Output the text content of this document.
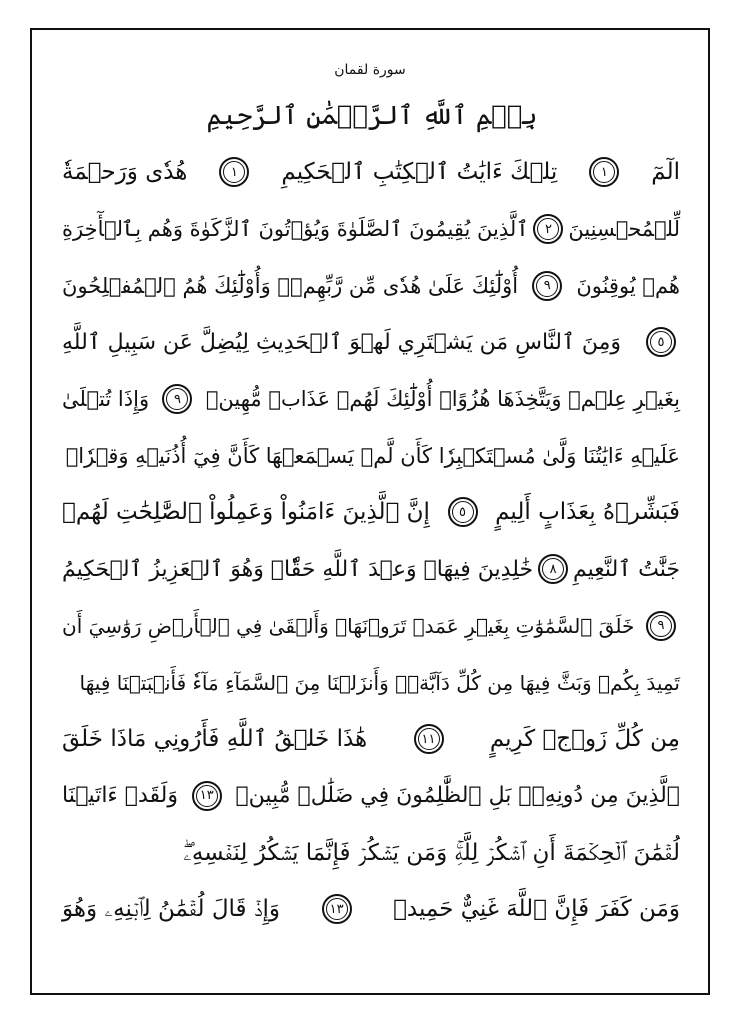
سورة لقمان
بِسۡمِ ٱللَّهِ ٱلرَّحۡمَٰنِ ٱلرَّحِيمِ
الٓمٓ
١
تِلۡكَ ءَايَٰتُ ٱلۡكِتَٰبِ ٱلۡحَكِيمِ
١
هُدٗى وَرَحۡمَةٗ
لِّلۡمُحۡسِنِينَ
٢
ٱلَّذِينَ يُقِيمُونَ ٱلصَّلَوٰةَ وَيُؤۡتُونَ ٱلزَّكَوٰةَ وَهُم بِٱلۡأٓخِرَةِ
هُمۡ يُوقِنُونَ
٩
أُوْلَٰٓئِكَ عَلَىٰ هُدٗى مِّن رَّبِّهِمۡۖ وَأُوْلَٰٓئِكَ هُمُ ٱلۡمُفۡلِحُونَ
٥
وَمِنَ ٱلنَّاسِ مَن يَشۡتَرِي لَهۡوَ ٱلۡحَدِيثِ لِيُضِلَّ عَن سَبِيلِ ٱللَّهِ
بِغَيۡرِ عِلۡمٖ وَيَتَّخِذَهَا هُزُوًاۚ أُوْلَٰٓئِكَ لَهُمۡ عَذَابٞ مُّهِينٞ
٩
وَإِذَا تُتۡلَىٰ
عَلَيۡهِ ءَايَٰتُنَا وَلَّىٰ مُسۡتَكۡبِرٗا كَأَن لَّمۡ يَسۡمَعۡهَا كَأَنَّ فِيٓ أُذُنَيۡهِ وَقۡرٗاۖ
فَبَشِّرۡهُ بِعَذَابٍ أَلِيمٍ
٥
إِنَّ ٱلَّذِينَ ءَامَنُواْ وَعَمِلُواْ ٱلصَّٰلِحَٰتِ لَهُمۡ
جَنَّٰتُ ٱلنَّعِيمِ
٨
خَٰلِدِينَ فِيهَاۖ وَعۡدَ ٱللَّهِ حَقّٗاۚ وَهُوَ ٱلۡعَزِيزُ ٱلۡحَكِيمُ
٩
خَلَقَ ٱلسَّمَٰوَٰتِ بِغَيۡرِ عَمَدٖ تَرَوۡنَهَاۖ وَأَلۡقَىٰ فِي ٱلۡأَرۡضِ رَوَٰسِيَ أَن
تَمِيدَ بِكُمۡ وَبَثَّ فِيهَا مِن كُلِّ دَآبَّةٖۚ وَأَنزَلۡنَا مِنَ ٱلسَّمَآءِ مَآءٗ فَأَنۢبَتۡنَا فِيهَا
مِن كُلِّ زَوۡجٖ كَرِيمٍ
١١
هَٰذَا خَلۡقُ ٱللَّهِ فَأَرُونِي مَاذَا خَلَقَ
ٱلَّذِينَ مِن دُونِهِۦۚ بَلِ ٱلظَّٰلِمُونَ فِي ضَلَٰلٖ مُّبِينٖ
١٣
وَلَقَدۡ ءَاتَيۡنَا
لُقۡمَٰنَ ٱلۡحِكۡمَةَ أَنِ ٱشۡكُرۡ لِلَّهِۚ وَمَن يَشۡكُرۡ فَإِنَّمَا يَشۡكُرُ لِنَفۡسِهِۦۖ
وَمَن كَفَرَ فَإِنَّ ٱللَّهَ غَنِيٌّ حَمِيدٞ
١٣
وَإِذۡ قَالَ لُقۡمَٰنُ لِٱبۡنِهِۦ وَهُوَ
